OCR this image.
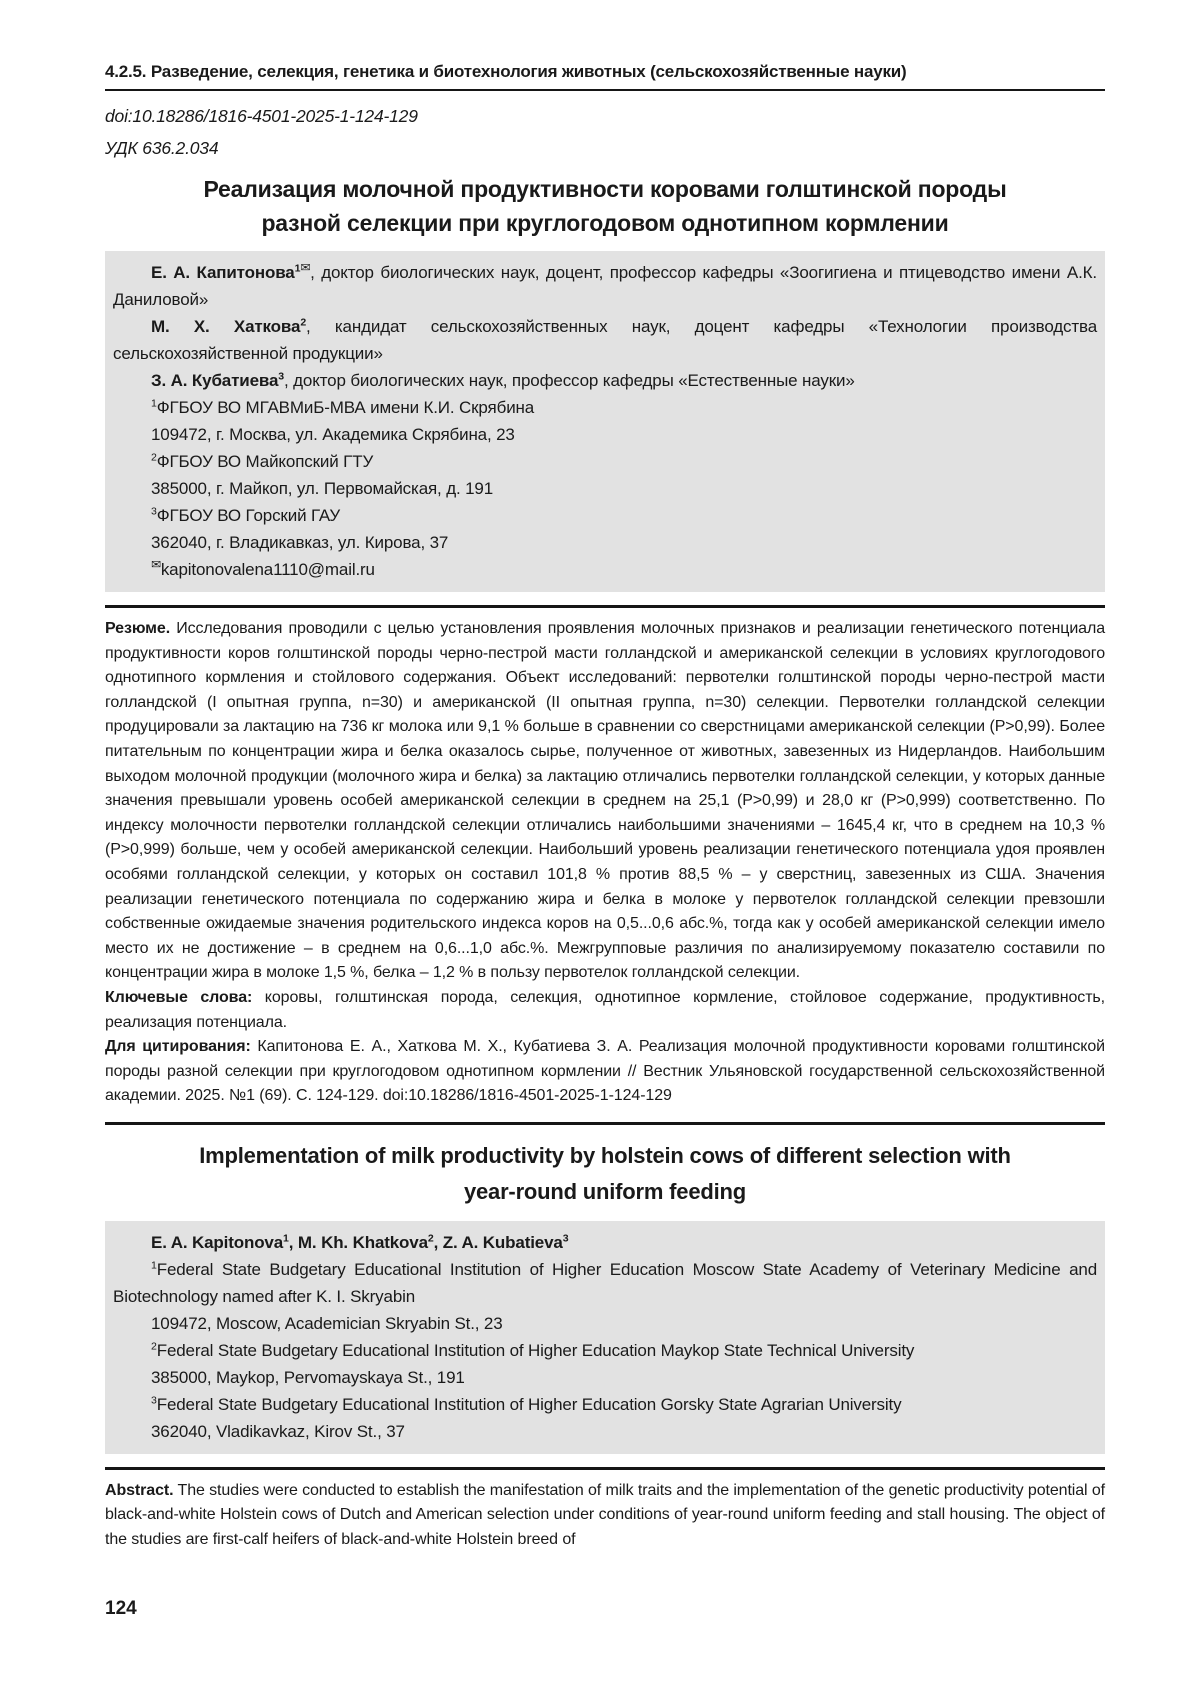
4.2.5. Разведение, селекция, генетика и биотехнология животных (сельскохозяйственные науки)
doi:10.18286/1816-4501-2025-1-124-129
УДК 636.2.034
Реализация молочной продуктивности коровами голштинской породы
разной селекции при круглогодовом однотипном кормлении

Е. А. Капитонова$^{1✉}$, доктор биологических наук, доцент, профессор кафедры «Зоогигиена и птицеводство имени А.К. Даниловой»

М. Х. Хаткова$^2$, кандидат сельскохозяйственных наук, доцент кафедры «Технологии производства сельскохозяйственной продукции»

З. А. Кубатиева$^3$, доктор биологических наук, профессор кафедры «Естественные науки»

$^1$ФГБОУ ВО МГАВМиБ-МВА имени К.И. Скрябина

109472, г. Москва, ул. Академика Скрябина, 23

$^2$ФГБОУ ВО Майкопский ГТУ

385000, г. Майкоп, ул. Первомайская, д. 191

$^3$ФГБОУ ВО Горский ГАУ

362040, г. Владикавказ, ул. Кирова, 37

✉kapitonovalena1110@mail.ru

Резюме. Исследования проводили с целью установления проявления молочных признаков и реализации генетического потенциала продуктивности коров голштинской породы черно-пестрой масти голландской и американской селекции в условиях круглогодового однотипного кормления и стойлового содержания. Объект исследований: первотелки голштинской породы черно-пестрой масти голландской (I опытная группа, n=30) и американской (II опытная группа, n=30) селекции. Первотелки голландской селекции продуцировали за лактацию на 736 кг молока или 9,1 % больше в сравнении со сверстницами американской селекции (Р>0,99). Более питательным по концентрации жира и белка оказалось сырье, полученное от животных, завезенных из Нидерландов. Наибольшим выходом молочной продукции (молочного жира и белка) за лактацию отличались первотелки голландской селекции, у которых данные значения превышали уровень особей американской селекции в среднем на 25,1 (Р>0,99) и 28,0 кг (Р>0,999) соответственно. По индексу молочности первотелки голландской селекции отличались наибольшими значениями – 1645,4 кг, что в среднем на 10,3 % (Р>0,999) больше, чем у особей американской селекции. Наибольший уровень реализации генетического потенциала удоя проявлен особями голландской селекции, у которых он составил 101,8 % против 88,5 % – у сверстниц, завезенных из США. Значения реализации генетического потенциала по содержанию жира и белка в молоке у первотелок голландской селекции превзошли собственные ожидаемые значения родительского индекса коров на 0,5...0,6 абс.%, тогда как у особей американской селекции имело место их не достижение – в среднем на 0,6...1,0 абс.%. Межгрупповые различия по анализируемому показателю составили по концентрации жира в молоке 1,5 %, белка – 1,2 % в пользу первотелок голландской селекции.

Ключевые слова: коровы, голштинская порода, селекция, однотипное кормление, стойловое содержание, продуктивность, реализация потенциала.

Для цитирования: Капитонова Е. А., Хаткова М. Х., Кубатиева З. А. Реализация молочной продуктивности коровами голштинской породы разной селекции при круглогодовом однотипном кормлении // Вестник Ульяновской государственной сельскохозяйственной академии. 2025. №1 (69). С. 124-129. doi:10.18286/1816-4501-2025-1-124-129

Implementation of milk productivity by holstein cows of different selection with
year-round uniform feeding

E. A. Kapitonova$^1$, M. Kh. Khatkova$^2$, Z. A. Kubatieva$^3$

$^1$Federal State Budgetary Educational Institution of Higher Education Moscow State Academy of Veterinary Medicine and Biotechnology named after K. I. Skryabin

109472, Moscow, Academician Skryabin St., 23

$^2$Federal State Budgetary Educational Institution of Higher Education Maykop State Technical University

385000, Maykop, Pervomayskaya St., 191

$^3$Federal State Budgetary Educational Institution of Higher Education Gorsky State Agrarian University

362040, Vladikavkaz, Kirov St., 37

Abstract. The studies were conducted to establish the manifestation of milk traits and the implementation of the genetic productivity potential of black-and-white Holstein cows of Dutch and American selection under conditions of year-round uniform feeding and stall housing. The object of the studies are first-calf heifers of black-and-white Holstein breed of

124
